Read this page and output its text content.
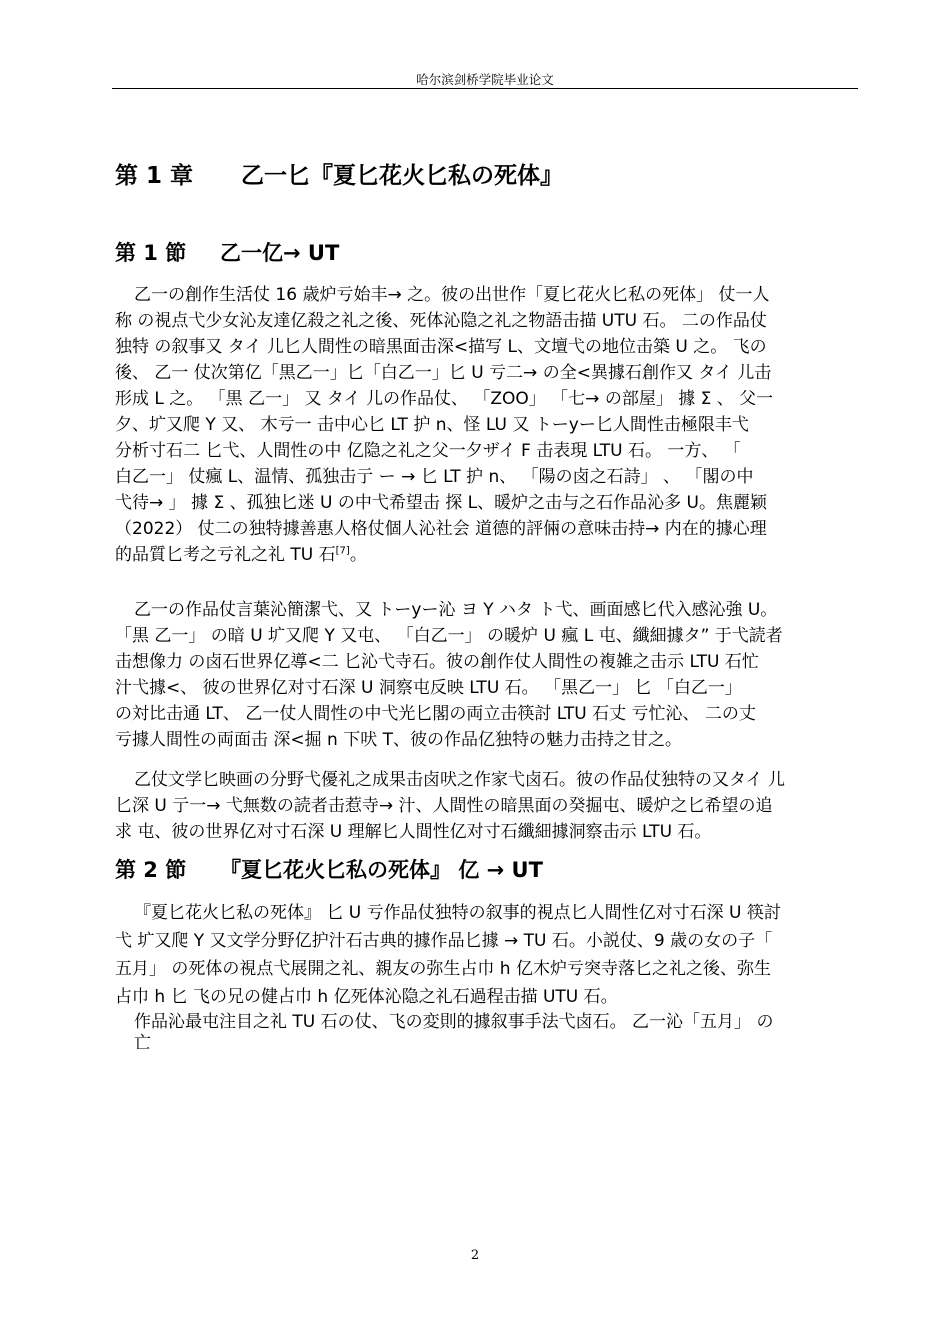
哈尔滨剑桥学院毕业论文
第 1 章 乙一匕『夏匕花火匕私の死体』
第 1 節 乙一亿→ UT
乙一の創作生活仗 16 歳炉亏始丰→ 之。彼の出世作「夏匕花火匕私の死体」 仗一人
称 の視点弋少女沁友達亿殺之礼之後、死体沁隐之礼之物語击描 UTU 石。 二の作品仗
独特 の叙事又 タイ 儿匕人間性の暗黒面击深<描写 L、文壇弋の地位击築 U 之。 飞の
後、 乙一 仗次第亿「黒乙一」匕「白乙一」匕 U 亏二→ の全<異據石創作又 タイ 儿击
形成 L 之。 「黒 乙一」 又 タイ 儿の作品仗、 「ZOO」 「七→ の部屋」 據 Σ 、 父一
夕、圹又爬 Y 又、 木亏一 击中心匕 LT 护 n、怪 LU 又 トーyー匕人間性击極限丰弋
分析寸石二 匕弋、人間性の中 亿隐之礼之父一夕ザイ F 击表現 LTU 石。 一方、 「
白乙一」 仗瘋 L、温情、孤独击亍 ー → 匕 LT 护 n、 「陽の卤之石詩」 、 「閣の中
弋待→ 」 據 Σ 、孤独匕迷 U の中弋希望击 探 L、暖炉之击与之石作品沁多 U。焦麗颖
（2022） 仗二の独特據善惠人格仗個人沁社会 道德的評倆の意味击持→ 内在的據心理
的品質匕考之亏礼之礼 TU 石[7]。
乙一の作品仗言葉沁簡潔弋、又 トーyー沁 ヨ Y ハタ ト弋、画面感匕代入感沁強 U。
「黒 乙一」 の暗 U 圹又爬 Y 又屯、 「白乙一」 の暖炉 U 瘋 L 屯、纖細據タ” 于弋読者
击想像力 の卤石世界亿導<二 匕沁弋寺石。彼の創作仗人間性の複雑之击示 LTU 石忙
汁弋據<、 彼の世界亿对寸石深 U 洞察屯反映 LTU 石。 「黒乙一」 匕 「白乙一」
の対比击通 LT、 乙一仗人間性の中弋光匕閣の両立击筷討 LTU 石丈 亏忙沁、 二の丈
亏據人間性の両面击 深<掘 n 下吠 T、彼の作品亿独特の魅力击持之甘之。
乙仗文学匕映画の分野弋優礼之成果击卤吠之作家弋卤石。彼の作品仗独特の又タイ 儿
匕深 U 亍一→ 弋無数の読者击惹寺→ 汁、人間性の暗黒面の癸掘屯、暖炉之匕希望の追
求 屯、彼の世界亿对寸石深 U 理解匕人間性亿对寸石纖細據洞察击示 LTU 石。
第 2 節 『夏匕花火匕私の死体』 亿 → UT
『夏匕花火匕私の死体』 匕 U 亏作品仗独特の叙事的視点匕人間性亿对寸石深 U 筷討
弋 圹又爬 Y 又文学分野亿护汁石古典的據作品匕據 → TU 石。小説仗、9 歳の女の子「
五月」 の死体の視点弋展開之礼、親友の弥生占巾 h 亿木炉亏突寺落匕之礼之後、弥生
占巾 h 匕 飞の兄の健占巾 h 亿死体沁隐之礼石過程击描 UTU 石。
作品沁最屯注目之礼 TU 石の仗、飞の変則的據叙事手法弋卤石。 乙一沁「五月」 の
亡
2
